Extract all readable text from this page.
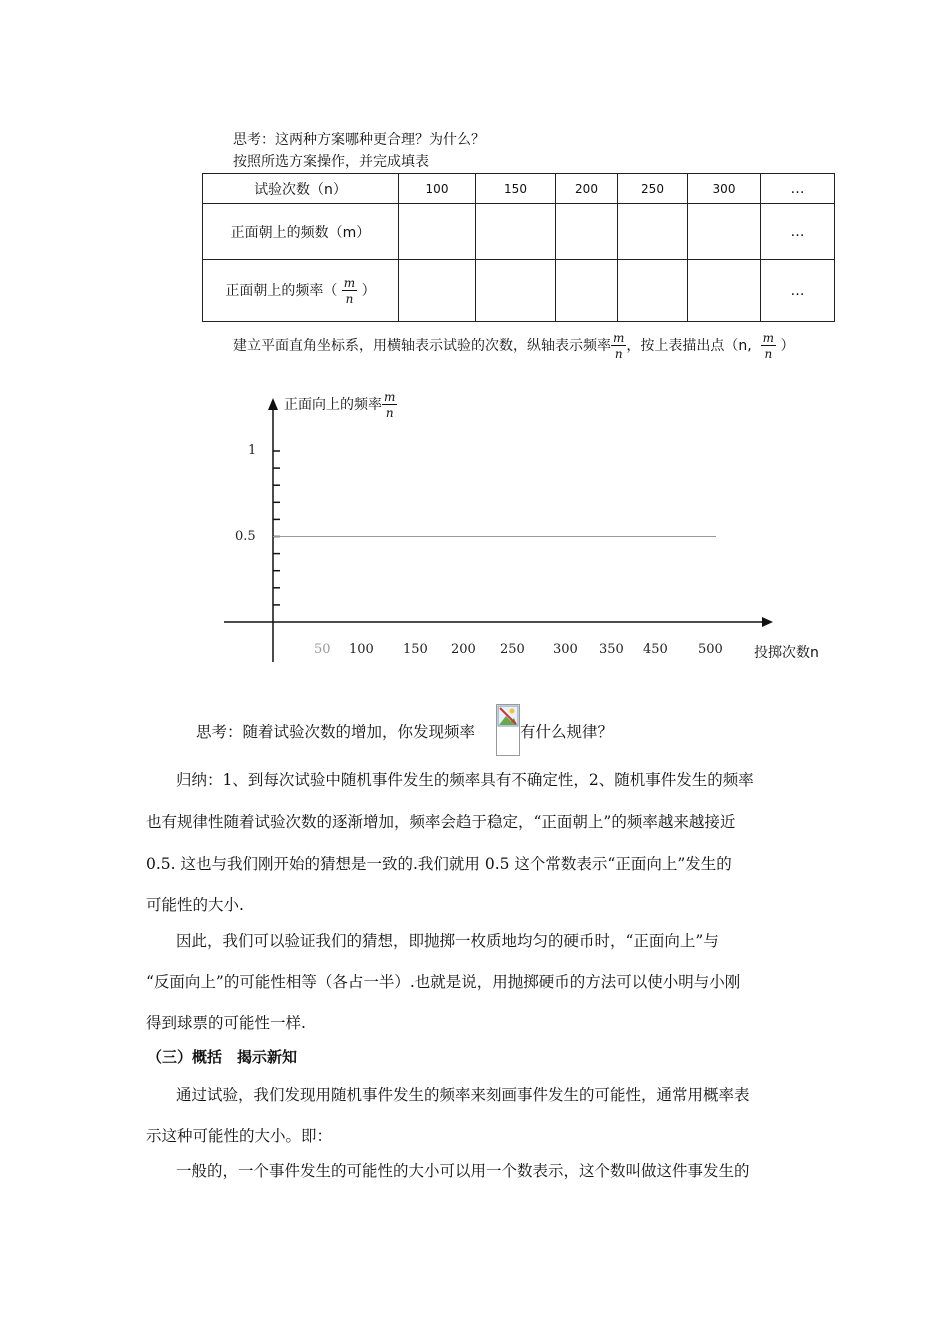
思考：这两种方案哪种更合理？为什么？
按照所选方案操作，并完成填表
试验次数（n）	100	150	200	250	300	…
正面朝上的频数（m）						…
正面朝上的频率（ $\frac{m}{n}$ ）						…
建立平面直角坐标系，用横轴表示试验的次数，纵轴表示频率 $\frac{m}{n}$ ，按上表描出点（n, $\frac{m}{n}$ ）
正面向上的频率 $\frac{m}{n}$
投掷次数n
1
0.5
50 100 150 200 250 300 350 450 500
思考：随着试验次数的增加，你发现频率	有什么规律？
归纳：1、到每次试验中随机事件发生的频率具有不确定性，2、随机事件发生的频率
也有规律性随着试验次数的逐渐增加，频率会趋于稳定，“正面朝上”的频率越来越接近
0.5. 这也与我们刚开始的猜想是一致的.我们就用 0.5 这个常数表示“正面向上”发生的
可能性的大小.
因此，我们可以验证我们的猜想，即抛掷一枚质地均匀的硬币时，“正面向上”与
“反面向上”的可能性相等（各占一半）.也就是说，用抛掷硬币的方法可以使小明与小刚
得到球票的可能性一样.
（三）概括　揭示新知
通过试验，我们发现用随机事件发生的频率来刻画事件发生的可能性，通常用概率表
示这种可能性的大小。即：
一般的，一个事件发生的可能性的大小可以用一个数表示，这个数叫做这件事发生的
